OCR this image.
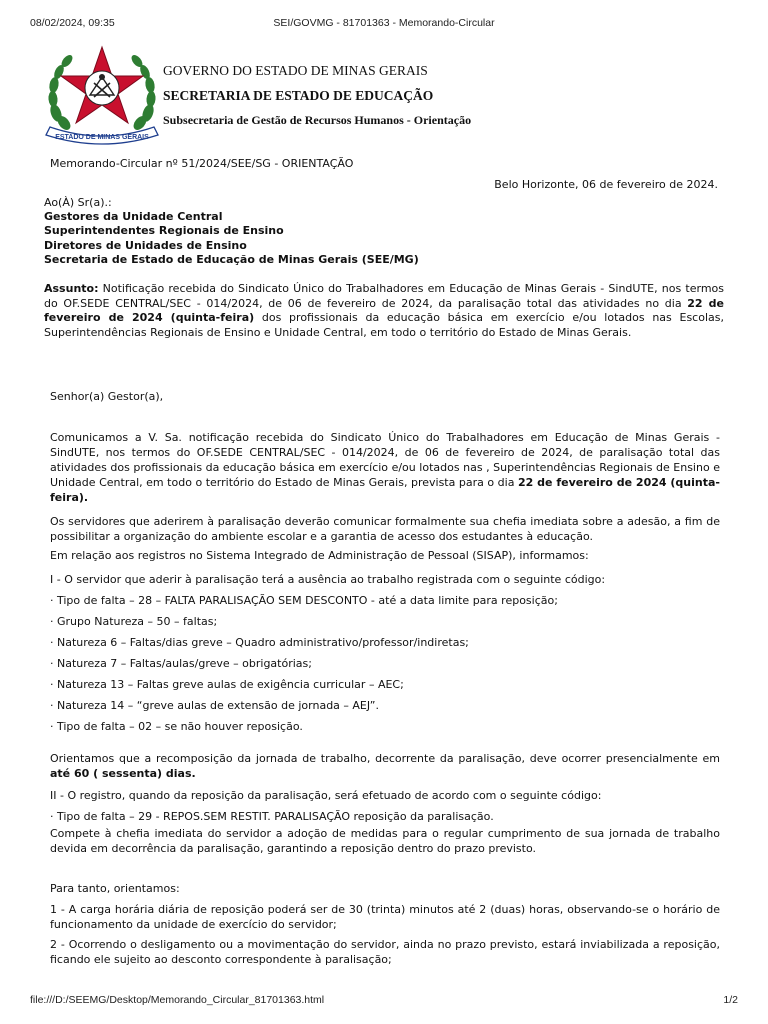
08/02/2024, 09:35	SEI/GOVMG - 81701363 - Memorando-Circular
ESTADO DE MINAS GERAIS
GOVERNO DO ESTADO DE MINAS GERAIS
SECRETARIA DE ESTADO DE EDUCAÇÃO
Subsecretaria de Gestão de Recursos Humanos - Orientação
Memorando-Circular nº 51/2024/SEE/SG - ORIENTAÇÃO
Belo Horizonte, 06 de fevereiro de 2024.
Ao(À) Sr(a).:
Gestores da Unidade Central
Superintendentes Regionais de Ensino
Diretores de Unidades de Ensino
Secretaria de Estado de Educação de Minas Gerais (SEE/MG)

Assunto: Notificação recebida do Sindicato Único do Trabalhadores em Educação de Minas Gerais - SindUTE, nos termos do OF.SEDE CENTRAL/SEC - 014/2024, de 06 de fevereiro de 2024, da paralisação total das atividades no dia 22 de fevereiro de 2024 (quinta-feira) dos profissionais da educação básica em exercício e/ou lotados nas Escolas, Superintendências Regionais de Ensino e Unidade Central, em todo o território do Estado de Minas Gerais.

Senhor(a) Gestor(a),

Comunicamos a V. Sa. notificação recebida do Sindicato Único do Trabalhadores em Educação de Minas Gerais - SindUTE, nos termos do OF.SEDE CENTRAL/SEC - 014/2024, de 06 de fevereiro de 2024, de paralisação total das atividades dos profissionais da educação básica em exercício e/ou lotados nas , Superintendências Regionais de Ensino e Unidade Central, em todo o território do Estado de Minas Gerais, prevista para o dia 22 de fevereiro de 2024 (quinta-feira).

Os servidores que aderirem à paralisação deverão comunicar formalmente sua chefia imediata sobre a adesão, a fim de possibilitar a organização do ambiente escolar e a garantia de acesso dos estudantes à educação.
Em relação aos registros no Sistema Integrado de Administração de Pessoal (SISAP), informamos:
I - O servidor que aderir à paralisação terá a ausência ao trabalho registrada com o seguinte código:
· Tipo de falta – 28 – FALTA PARALISAÇÃO SEM DESCONTO - até a data limite para reposição;
· Grupo Natureza – 50 – faltas;
· Natureza 6 – Faltas/dias greve – Quadro administrativo/professor/indiretas;
· Natureza 7 – Faltas/aulas/greve – obrigatórias;
· Natureza 13 – Faltas greve aulas de exigência curricular – AEC;
· Natureza 14 – “greve aulas de extensão de jornada – AEJ”.
· Tipo de falta – 02 – se não houver reposição.

Orientamos que a recomposição da jornada de trabalho, decorrente da paralisação, deve ocorrer presencialmente em até 60 ( sessenta) dias.

II - O registro, quando da reposição da paralisação, será efetuado de acordo com o seguinte código:
· Tipo de falta – 29 - REPOS.SEM RESTIT. PARALISAÇÃO reposição da paralisação.
Compete à chefia imediata do servidor a adoção de medidas para o regular cumprimento de sua jornada de trabalho devida em decorrência da paralisação, garantindo a reposição dentro do prazo previsto.
Para tanto, orientamos:
1 - A carga horária diária de reposição poderá ser de 30 (trinta) minutos até 2 (duas) horas, observando-se o horário de funcionamento da unidade de exercício do servidor;
2 - Ocorrendo o desligamento ou a movimentação do servidor, ainda no prazo previsto, estará inviabilizada a reposição, ficando ele sujeito ao desconto correspondente à paralisação;
file:///D:/SEEMG/Desktop/Memorando_Circular_81701363.html	1/2
